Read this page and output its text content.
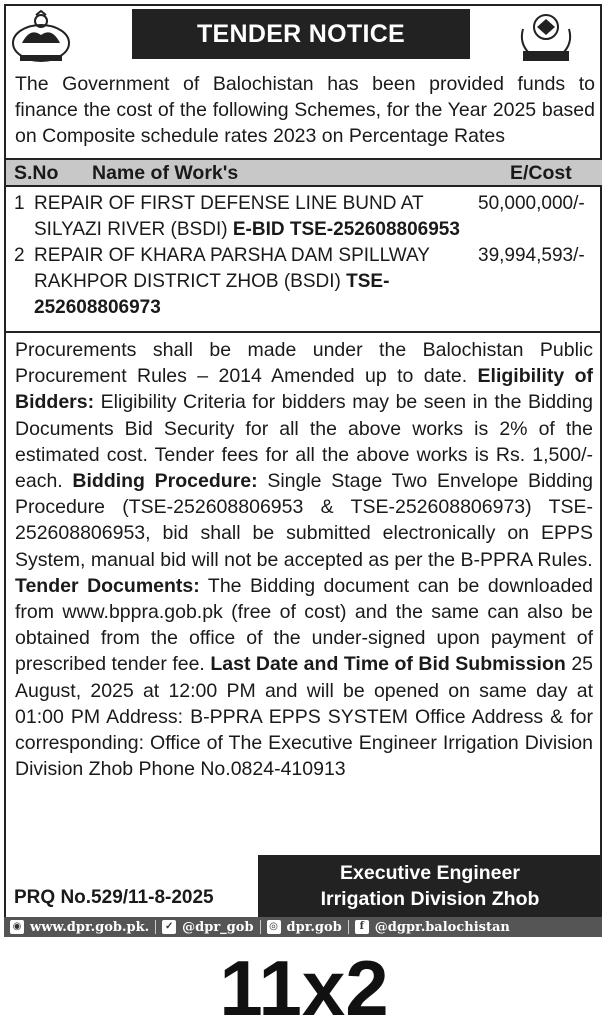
TENDER NOTICE
The Government of Balochistan has been provided funds to finance the cost of the following Schemes, for the Year 2025 based on Composite schedule rates 2023 on Percentage Rates
S.No Name of Work's	E/Cost
1 REPAIR OF FIRST DEFENSE LINE BUND AT SILYAZI RIVER (BSDI) E-BID TSE-252608806953
50,000,000/-
2 REPAIR OF KHARA PARSHA DAM SPILLWAY RAKHPOR DISTRICT ZHOB (BSDI) TSE-252608806973
39,994,593/-
Procurements shall be made under the Balochistan Public Procurement Rules – 2014 Amended up to date. Eligibility of Bidders: Eligibility Criteria for bidders may be seen in the Bidding Documents Bid Security for all the above works is 2% of the estimated cost. Tender fees for all the above works is Rs. 1,500/- each. Bidding Procedure: Single Stage Two Envelope Bidding Procedure (TSE-252608806953 & TSE-252608806973) TSE-252608806953, bid shall be submitted electronically on EPPS System, manual bid will not be accepted as per the B-PPRA Rules.
Tender Documents: The Bidding document can be downloaded from www.bppra.gob.pk (free of cost) and the same can also be obtained from the office of the under-signed upon payment of prescribed tender fee. Last Date and Time of Bid Submission 25 August, 2025 at 12:00 PM and will be opened on same day at 01:00 PM Address: B-PPRA EPPS SYSTEM Office Address & for corresponding: Office of The Executive Engineer Irrigation Division Division Zhob Phone No.0824-410913
PRQ No.529/11-8-2025
Executive Engineer
Irrigation Division Zhob
◉ www.dpr.gob.pk. ✓ @dpr_gob ◎ dpr.gob	f @dgpr.balochistan
11x2
